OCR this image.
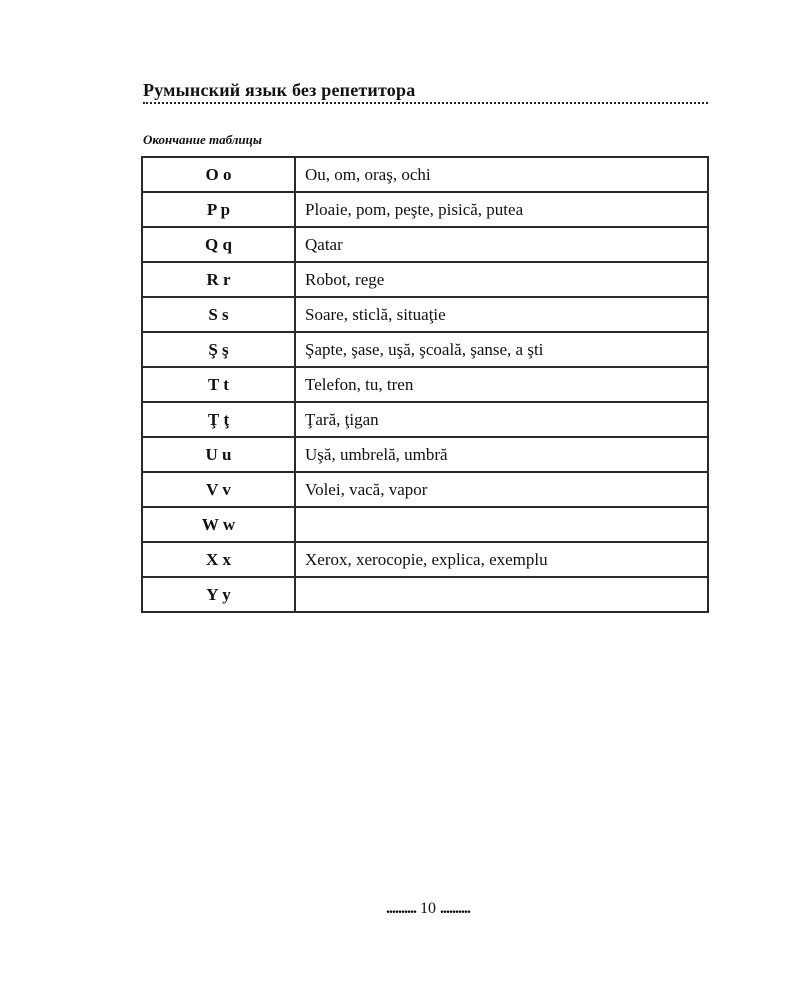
Румынский язык без репетитора
Окончание таблицы
O o	Ou, om, oraş, ochi
P p	Ploaie, pom, peşte, pisică, putea
Q q	Qatar
R r	Robot, rege
S s	Soare, sticlă, situaţie
Ş ş	Şapte, şase, uşă, şcoală, şanse, a şti
T t	Telefon, tu, tren
Ţ ţ	Ţară, ţigan
U u	Uşă, umbrelă, umbră
V v	Volei, vacă, vapor
W w	
X x	Xerox, xerocopie, explica, exemplu
Y y	
.......... 10 ..........
